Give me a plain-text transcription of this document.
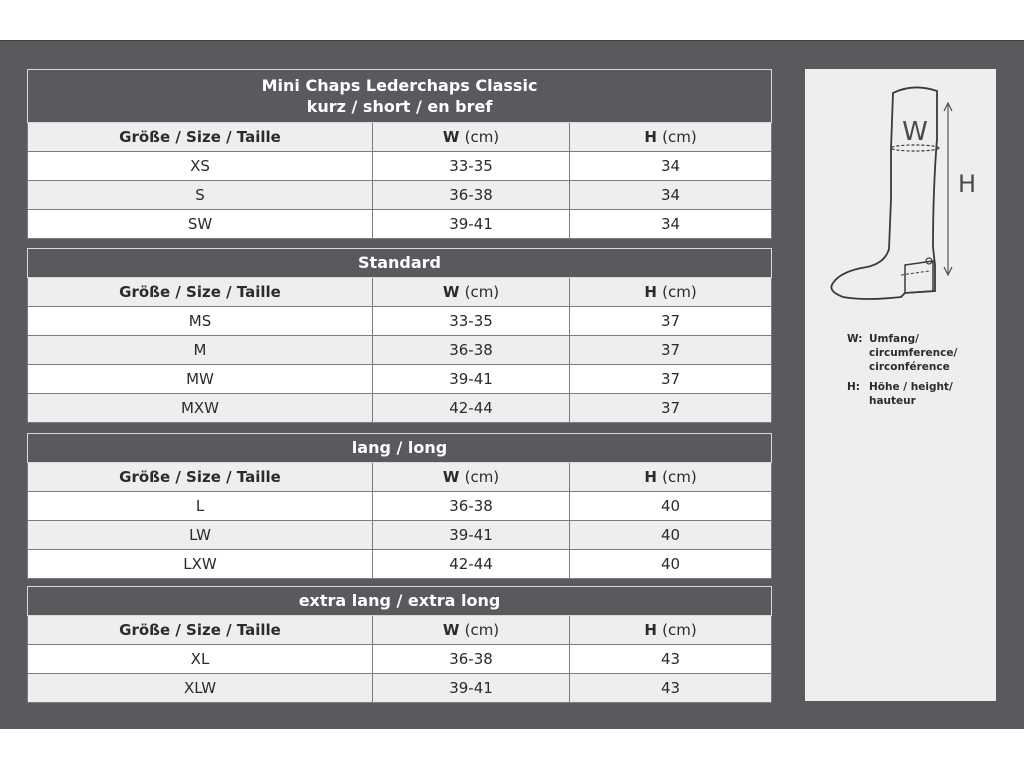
Mini Chaps Lederchaps Classic
kurz / short / en bref		

Größe / Size / Taille	W (cm)	H (cm)
XS	33-35	34
S	36-38	34
SW	39-41	34
Standard		
Größe / Size / Taille	W (cm)	H (cm)
MS	33-35	37
M	36-38	37
MW	39-41	37
MXW	42-44	37
lang / long		
Größe / Size / Taille	W (cm)	H (cm)
L	36-38	40
LW	39-41	40
LXW	42-44	40
extra lang / extra long		
Größe / Size / Taille	W (cm)	H (cm)
XL	36-38	43
XLW	39-41	43
W
H
W: Umfang/ circumference/ circonférence
H: Höhe / height/ hauteur
